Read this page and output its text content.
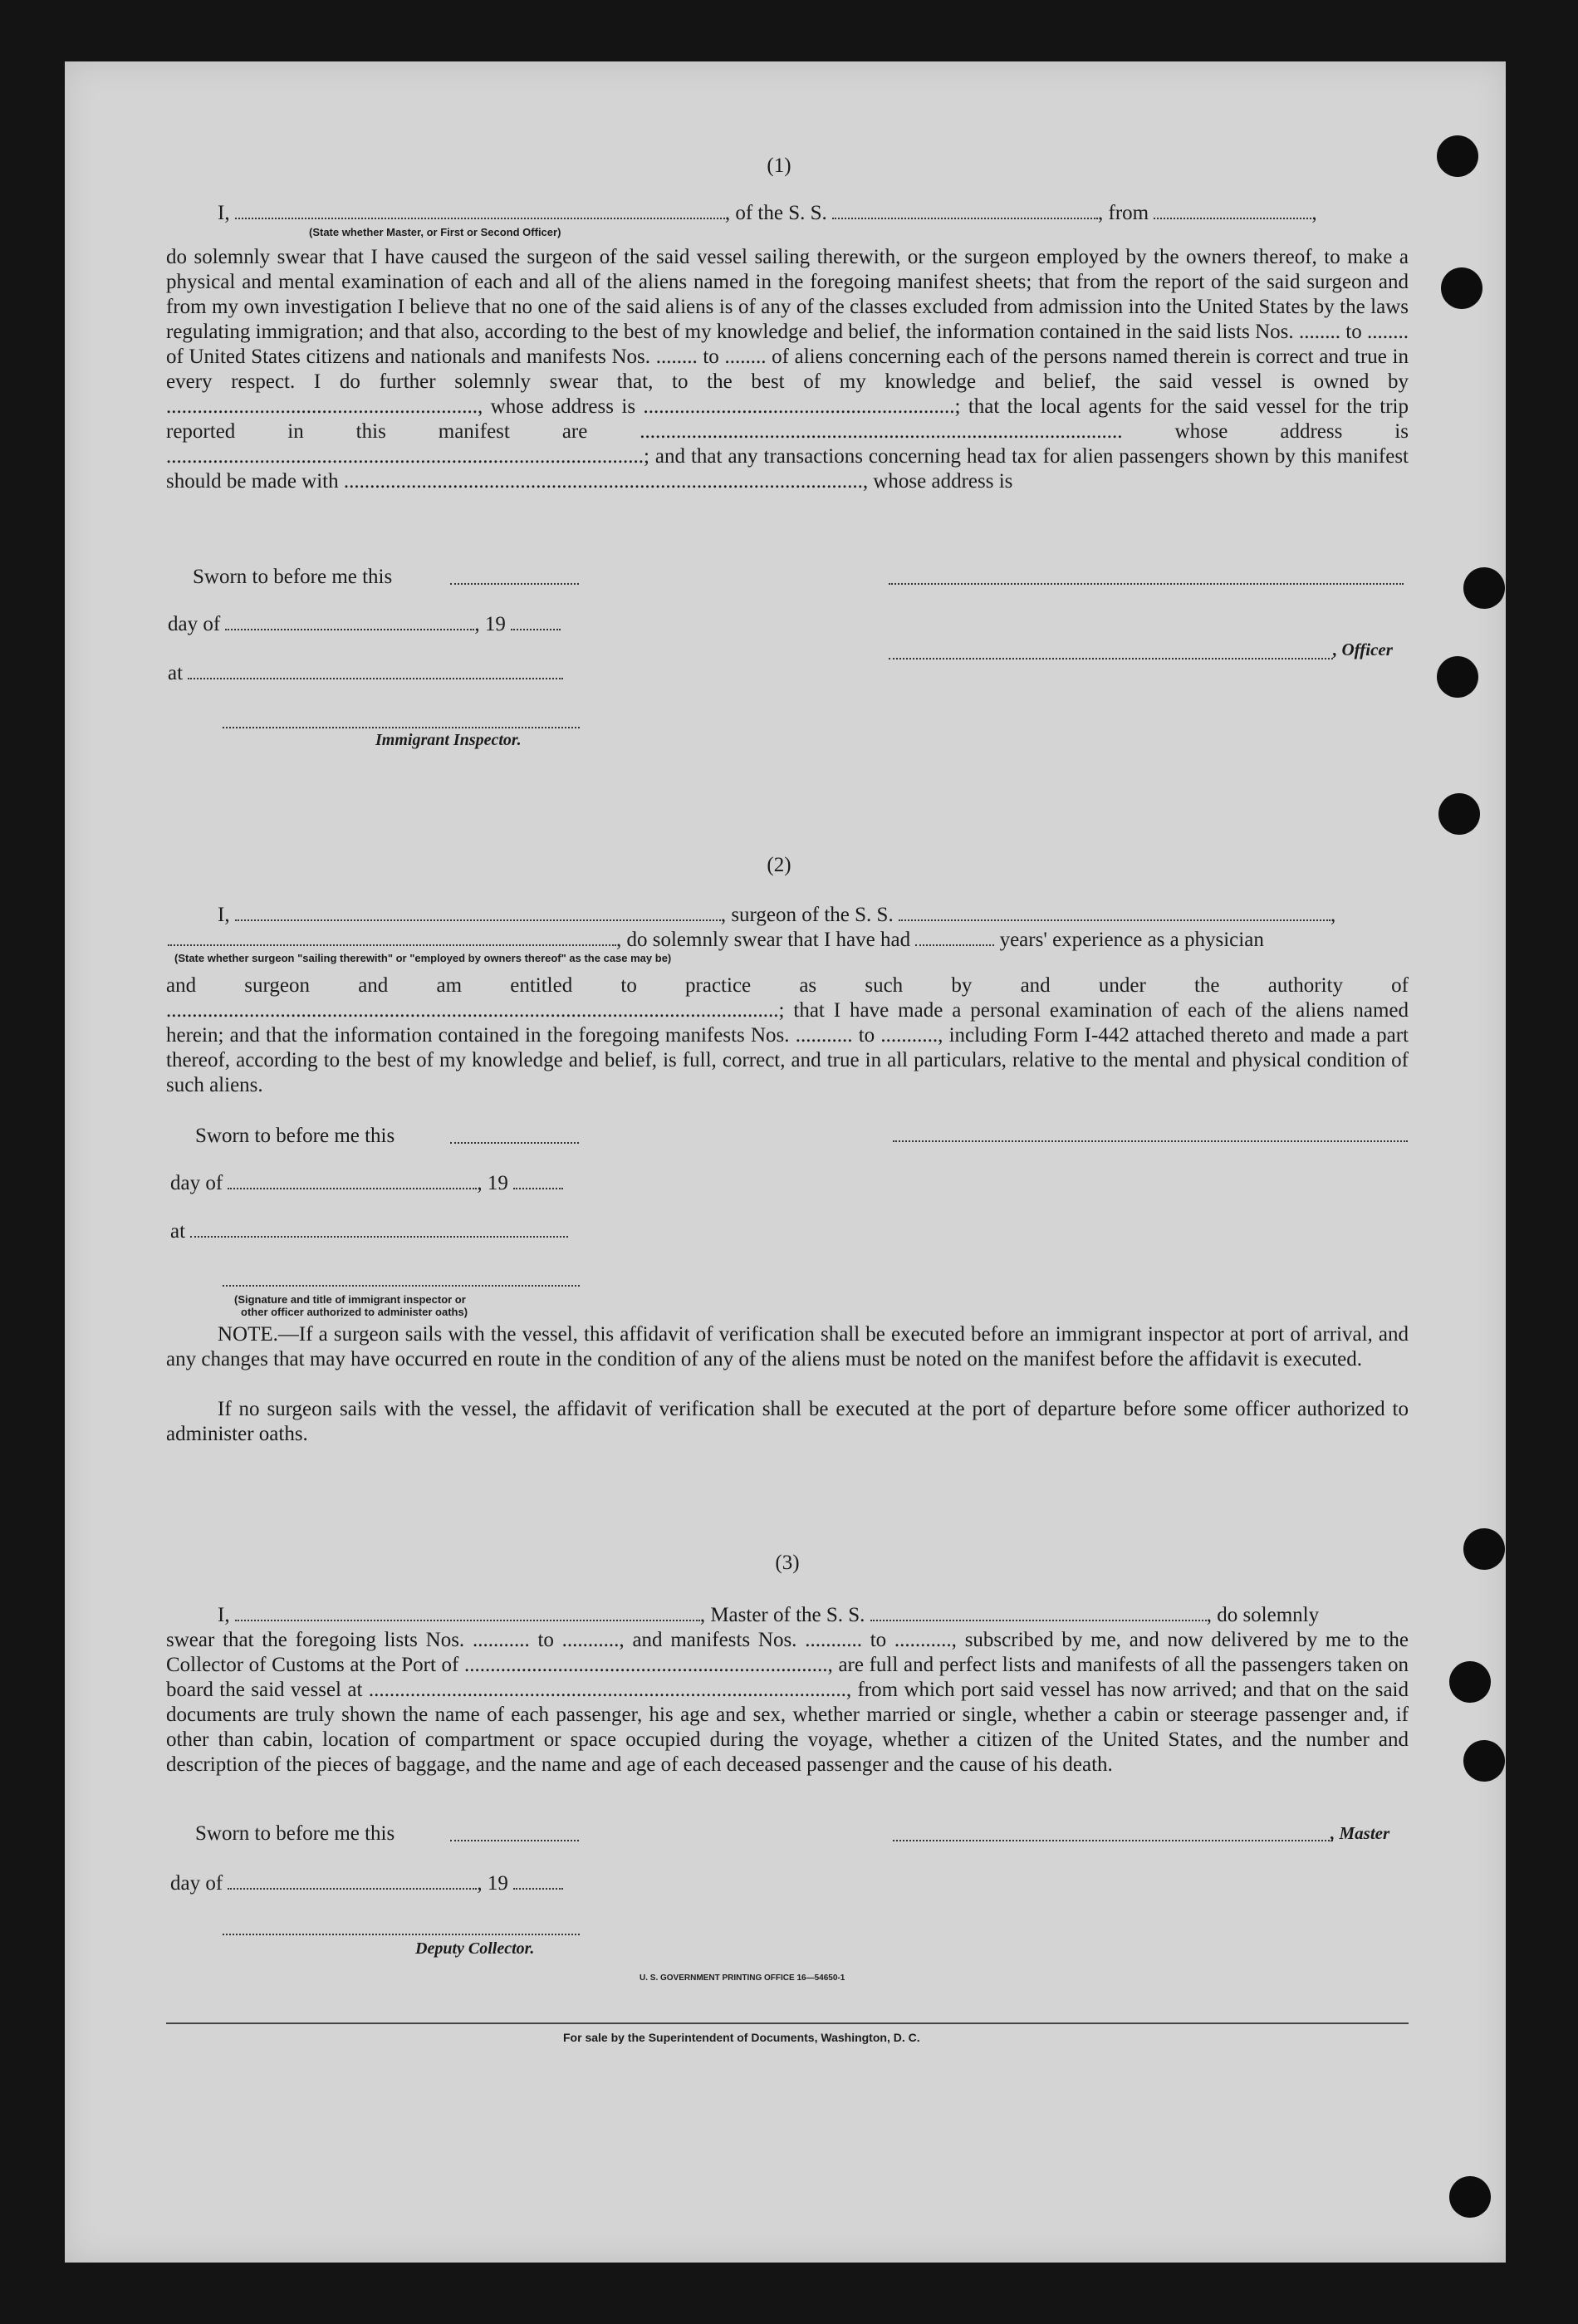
(1)
I,	, of the S. S.	, from	,
(State whether Master, or First or Second Officer)
do solemnly swear that I have caused the surgeon of the said vessel sailing therewith, or the surgeon employed by the owners thereof, to make a physical and mental examination of each and all of the aliens named in the foregoing manifest sheets; that from the report of the said surgeon and from my own investigation I believe that no one of the said aliens is of any of the classes excluded from admission into the United States by the laws regulating immigration; and that also, according to the best of my knowledge and belief, the information contained in the said lists Nos. ........ to ........ of United States citizens and nationals and manifests Nos. ........ to ........ of aliens concerning each of the persons named therein is correct and true in every respect. I do further solemnly swear that, to the best of my knowledge and belief, the said vessel is owned by ............................................................, whose address is ............................................................; that the local agents for the said vessel for the trip reported in this manifest are ............................................................................................. whose address is ............................................................................................; and that any transactions concerning head tax for alien passengers shown by this manifest should be made with ...................................................................................................., whose address is
Sworn to before me this
day of	, 19
, Officer
at
Immigrant Inspector.
(2)
I,	, surgeon of the S. S.	,
, do solemnly swear that I have had	years' experience as a physician
(State whether surgeon "sailing therewith" or "employed by owners thereof" as the case may be)
and surgeon and am entitled to practice as such by and under the authority of ......................................................................................................................; that I have made a personal examination of each of the aliens named herein; and that the information contained in the foregoing manifests Nos. ........... to ..........., including Form I-442 attached thereto and made a part thereof, according to the best of my knowledge and belief, is full, correct, and true in all particulars, relative to the mental and physical condition of such aliens.
Sworn to before me this
day of	, 19
at
(Signature and title of immigrant inspector or
other officer authorized to administer oaths)
NOTE.—If a surgeon sails with the vessel, this affidavit of verification shall be executed before an immigrant inspector at port of arrival, and any changes that may have occurred en route in the condition of any of the aliens must be noted on the manifest before the affidavit is executed.
If no surgeon sails with the vessel, the affidavit of verification shall be executed at the port of departure before some officer authorized to administer oaths.
(3)
I,	, Master of the S. S.	, do solemnly
swear that the foregoing lists Nos. ........... to ..........., and manifests Nos. ........... to ..........., subscribed by me, and now delivered by me to the Collector of Customs at the Port of ......................................................................, are full and perfect lists and manifests of all the passengers taken on board the said vessel at ............................................................................................, from which port said vessel has now arrived; and that on the said documents are truly shown the name of each passenger, his age and sex, whether married or single, whether a cabin or steerage passenger and, if other than cabin, location of compartment or space occupied during the voyage, whether a citizen of the United States, and the number and description of the pieces of baggage, and the name and age of each deceased passenger and the cause of his death.
Sworn to before me this	, Master
day of	, 19
Deputy Collector.
U. S. GOVERNMENT PRINTING OFFICE 16—54650-1
For sale by the Superintendent of Documents, Washington, D. C.
